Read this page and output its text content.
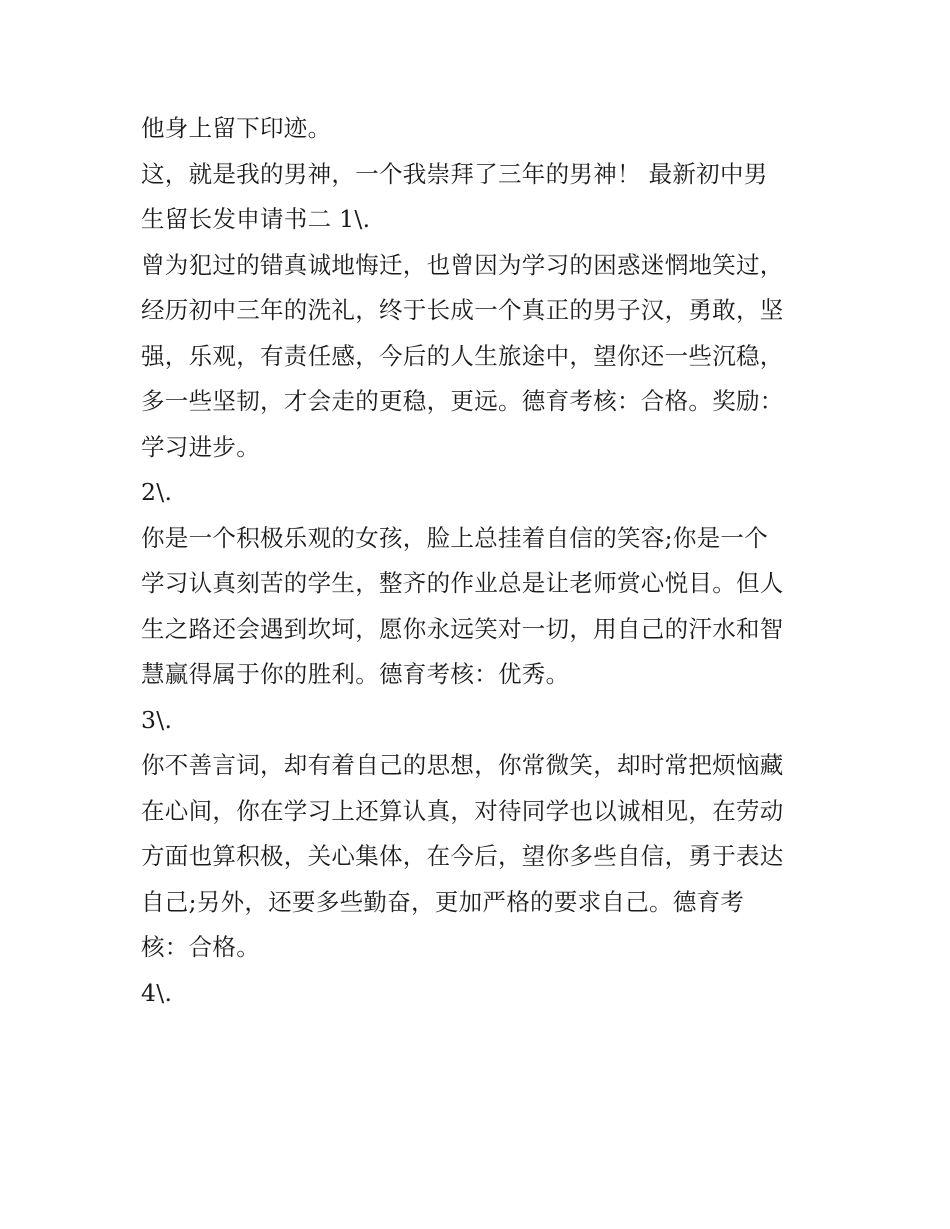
他身上留下印迹。
这，就是我的男神，一个我崇拜了三年的男神！ 最新初中男
生留长发申请书二 1\.
曾为犯过的错真诚地悔迁，也曾因为学习的困惑迷惘地笑过，
经历初中三年的洗礼，终于长成一个真正的男子汉，勇敢，坚
强，乐观，有责任感，今后的人生旅途中，望你还一些沉稳，
多一些坚韧，才会走的更稳，更远。德育考核：合格。奖励：
学习进步。
2\.
你是一个积极乐观的女孩，脸上总挂着自信的笑容;你是一个
学习认真刻苦的学生，整齐的作业总是让老师赏心悦目。但人
生之路还会遇到坎坷，愿你永远笑对一切，用自己的汗水和智
慧赢得属于你的胜利。德育考核：优秀。
3\.
你不善言词，却有着自己的思想，你常微笑，却时常把烦恼藏
在心间，你在学习上还算认真，对待同学也以诚相见，在劳动
方面也算积极，关心集体，在今后，望你多些自信，勇于表达
自己;另外，还要多些勤奋，更加严格的要求自己。德育考
核：合格。
4\.
